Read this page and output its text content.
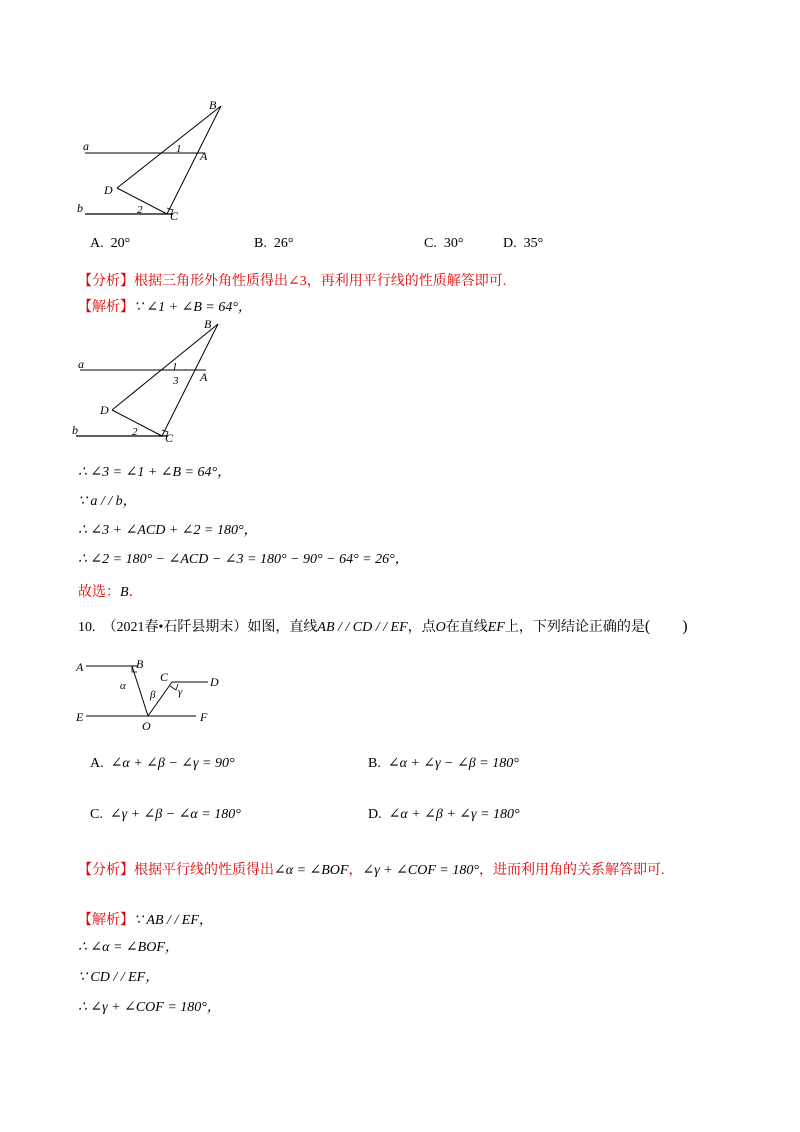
B
a	1 A
D
b	2 C
A. 20°	B. 26°	C. 30°	D. 35°
【分析】根据三角形外角性质得出∠3，再利用平行线的性质解答即可.
【解析】∵ ∠1 + ∠B = 64°，
B
a	1
3 A
D
b	2 C
∴ ∠3 = ∠1 + ∠B = 64°，
∵ a / / b，
∴ ∠3 + ∠ACD + ∠2 = 180°，
∴ ∠2 = 180° − ∠ACD − ∠3 = 180° − 90° − 64° = 26°，
故选：B．
10. （2021春•石阡县期末）如图，直线AB / / CD / / EF，点O在直线EF上，下列结论正确的是(　　)
A	B
α
C	D
β γ
E
O
F
A. ∠α + ∠β − ∠γ = 90°	B. ∠α + ∠γ − ∠β = 180°
C. ∠γ + ∠β − ∠α = 180°	D. ∠α + ∠β + ∠γ = 180°
【分析】根据平行线的性质得出∠α = ∠BOF，∠γ + ∠COF = 180°，进而利用角的关系解答即可.
【解析】∵ AB / / EF，
∴ ∠α = ∠BOF，
∵ CD / / EF，
∴ ∠γ + ∠COF = 180°，
